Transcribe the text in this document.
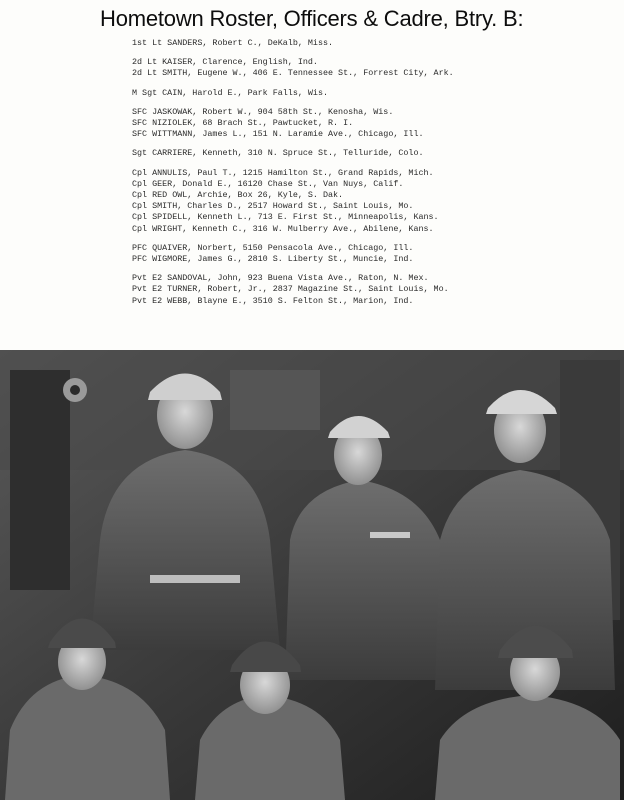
Hometown Roster, Officers & Cadre, Btry. B:
1st Lt SANDERS, Robert C., DeKalb, Miss.
2d Lt KAISER, Clarence, English, Ind.
2d Lt SMITH, Eugene W., 406 E. Tennessee St., Forrest City, Ark.
M Sgt CAIN, Harold E., Park Falls, Wis.
SFC JASKOWAK, Robert W., 904 58th St., Kenosha, Wis.
SFC NIZIOLEK, 68 Brach St., Pawtucket, R. I.
SFC WITTMANN, James L., 151 N. Laramie Ave., Chicago, Ill.
Sgt CARRIERE, Kenneth, 310 N. Spruce St., Telluride, Colo.
Cpl ANNULIS, Paul T., 1215 Hamilton St., Grand Rapids, Mich.
Cpl GEER, Donald E., 16120 Chase St., Van Nuys, Calif.
Cpl RED OWL, Archie, Box 26, Kyle, S. Dak.
Cpl SMITH, Charles D., 2517 Howard St., Saint Louis, Mo.
Cpl SPIDELL, Kenneth L., 713 E. First St., Minneapolis, Kans.
Cpl WRIGHT, Kenneth C., 316 W. Mulberry Ave., Abilene, Kans.
PFC QUAIVER, Norbert, 5150 Pensacola Ave., Chicago, Ill.
PFC WIGMORE, James G., 2810 S. Liberty St., Muncie, Ind.
Pvt E2 SANDOVAL, John, 923 Buena Vista Ave., Raton, N. Mex.
Pvt E2 TURNER, Robert, Jr., 2837 Magazine St., Saint Louis, Mo.
Pvt E2 WEBB, Blayne E., 3510 S. Felton St., Marion, Ind.
